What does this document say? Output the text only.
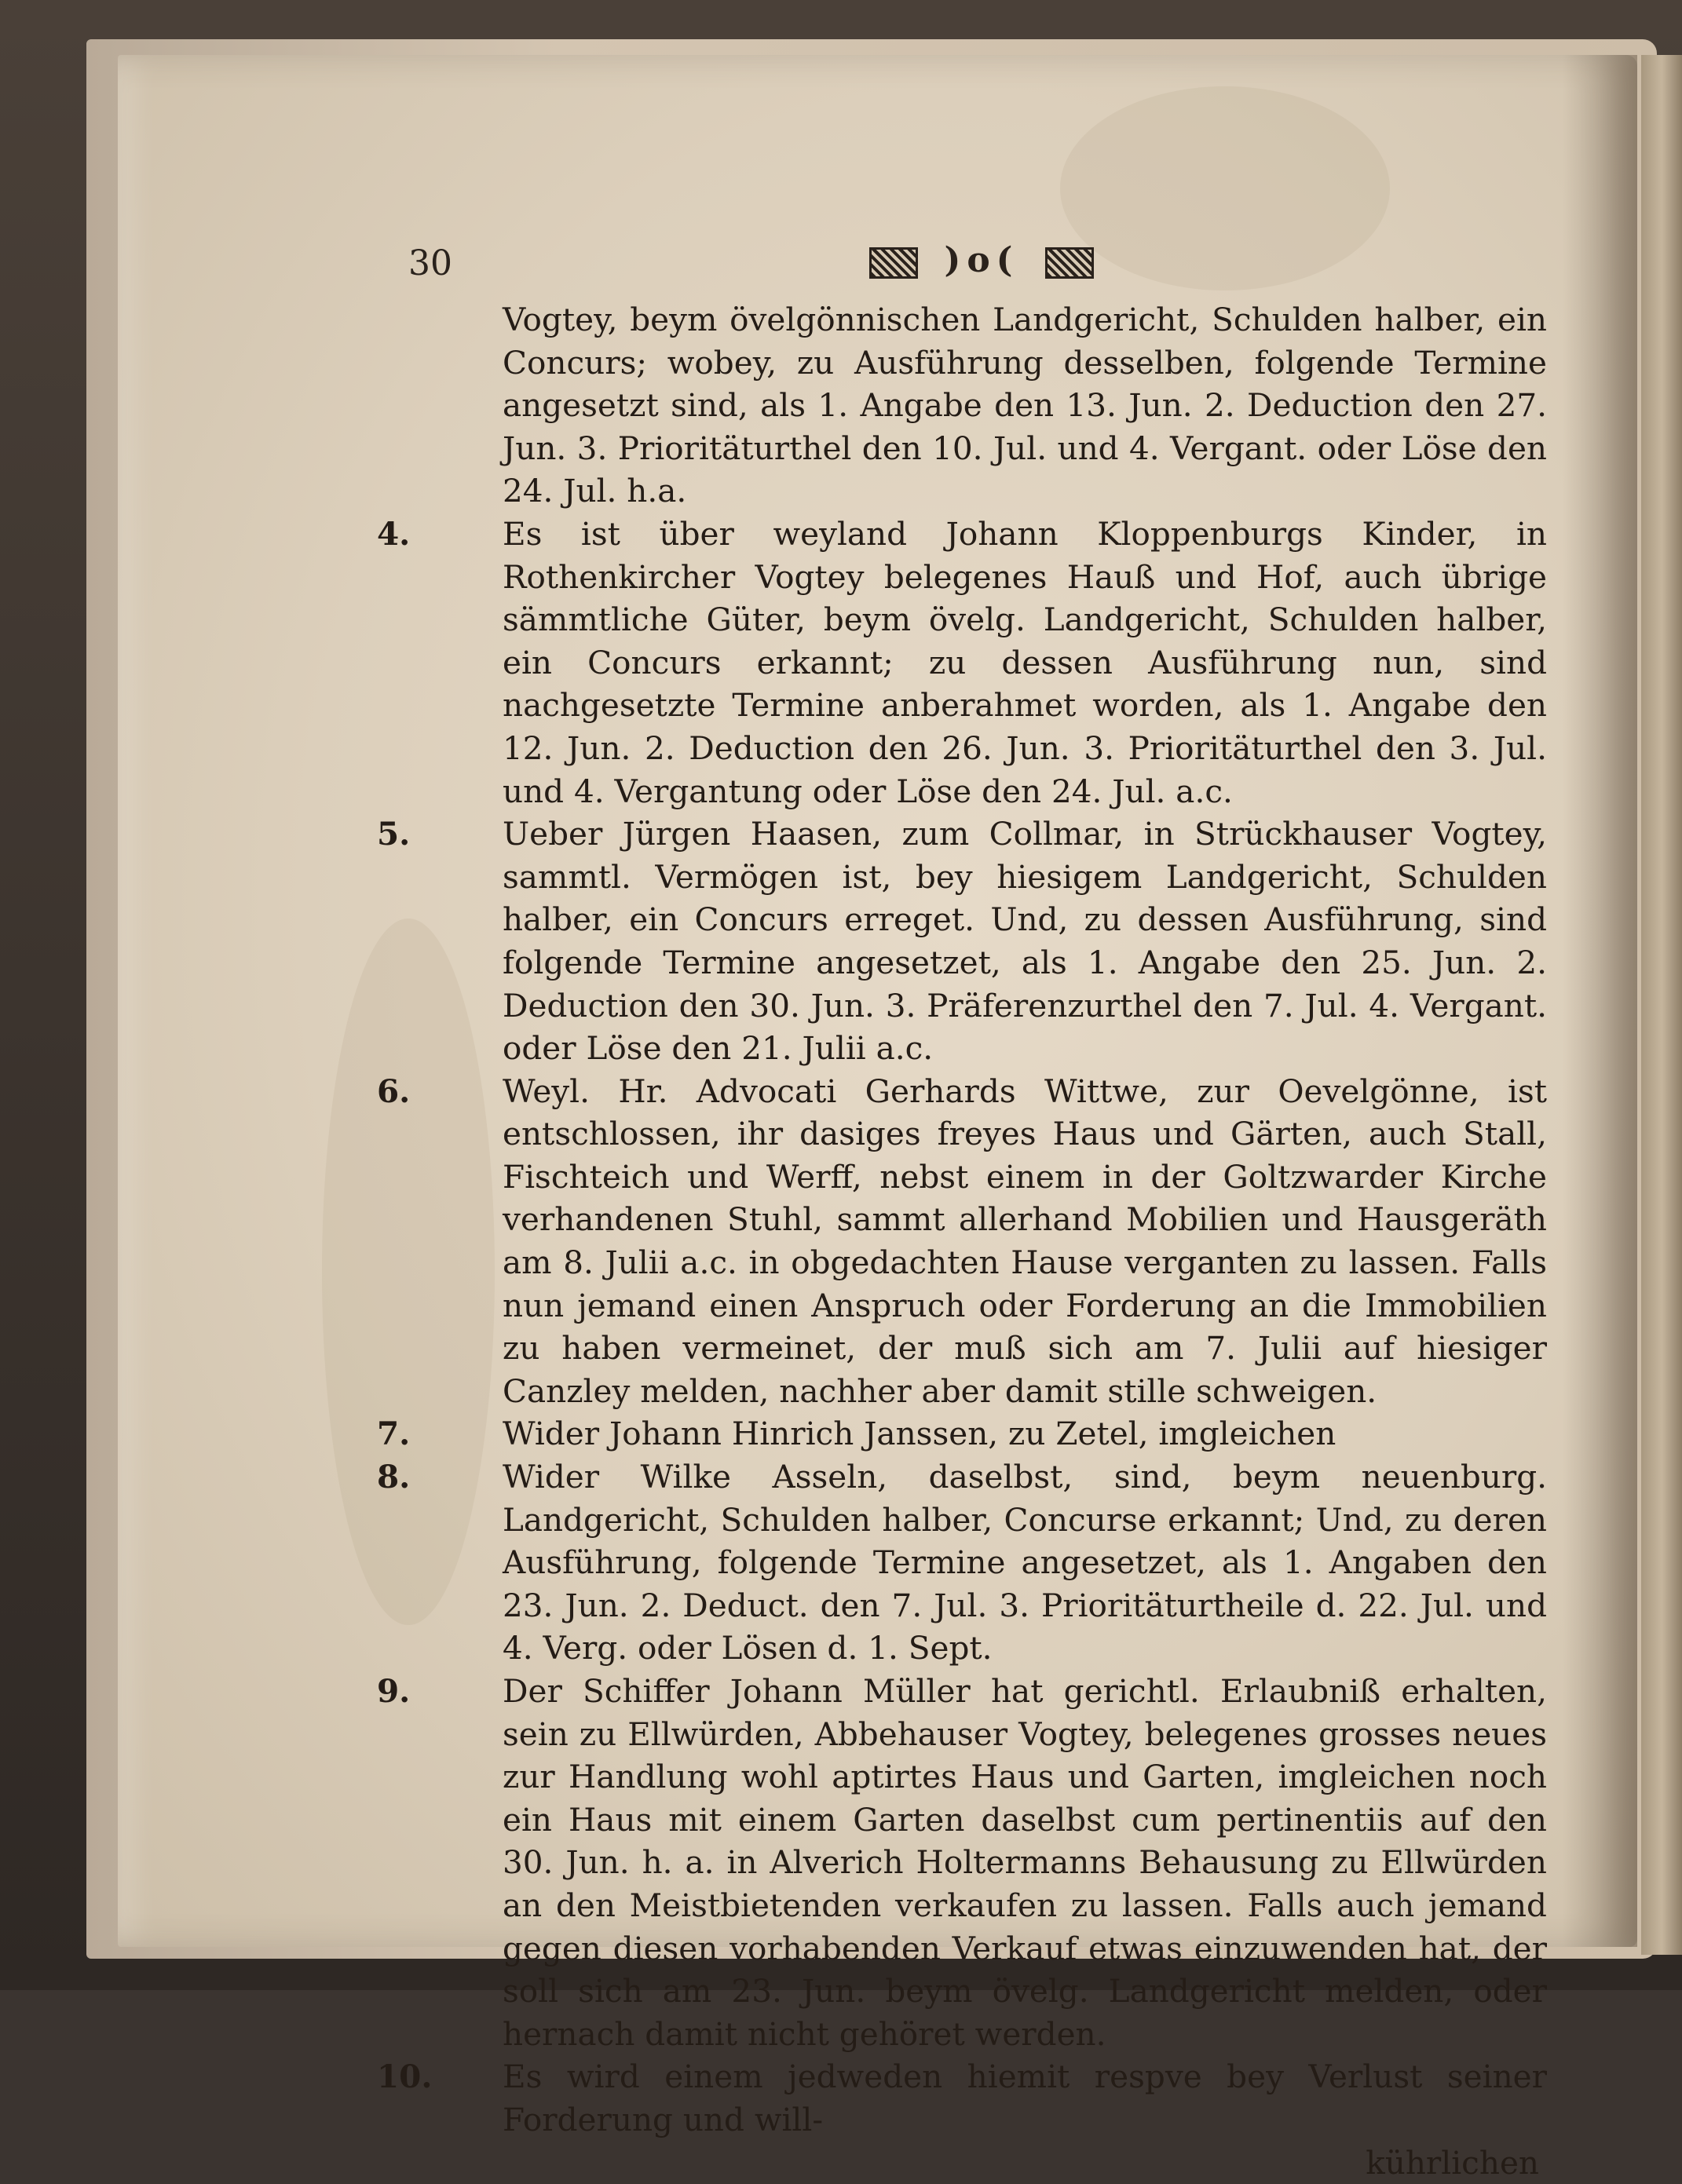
30	)o(
Vogtey, beym övelgönnischen Landgericht, Schulden halber, ein Concurs; wobey, zu Ausführung desselben, folgende Termine angesetzt sind, als 1. Angabe den 13. Jun. 2. Deduction den 27. Jun. 3. Prioritäturthel den 10. Jul. und 4. Vergant. oder Löse den 24. Jul. h.a.
4.	Es ist über weyland Johann Kloppenburgs Kinder, in Rothenkircher Vogtey belegenes Hauß und Hof, auch übrige sämmtliche Güter, beym övelg. Landgericht, Schulden halber, ein Concurs erkannt; zu dessen Ausführung nun, sind nachgesetzte Termine anberahmet worden, als 1. Angabe den 12. Jun. 2. Deduction den 26. Jun. 3. Prioritäturthel den 3. Jul. und 4. Vergantung oder Löse den 24. Jul. a.c.
5.	Ueber Jürgen Haasen, zum Collmar, in Strückhauser Vogtey, sammtl. Vermögen ist, bey hiesigem Landgericht, Schulden halber, ein Concurs erreget. Und, zu dessen Ausführung, sind folgende Termine angesetzet, als 1. Angabe den 25. Jun. 2. Deduction den 30. Jun. 3. Präferenzurthel den 7. Jul. 4. Vergant. oder Löse den 21. Julii a.c.
6.	Weyl. Hr. Advocati Gerhards Wittwe, zur Oevelgönne, ist entschlossen, ihr dasiges freyes Haus und Gärten, auch Stall, Fischteich und Werff, nebst einem in der Goltzwarder Kirche verhandenen Stuhl, sammt allerhand Mobilien und Hausgeräth am 8. Julii a.c. in obgedachten Hause verganten zu lassen. Falls nun jemand einen Anspruch oder Forderung an die Immobilien zu haben vermeinet, der muß sich am 7. Julii auf hiesiger Canzley melden, nachher aber damit stille schweigen.
7.	Wider Johann Hinrich Janssen, zu Zetel, imgleichen
8.	Wider Wilke Asseln, daselbst, sind, beym neuenburg. Landgericht, Schulden halber, Concurse erkannt; Und, zu deren Ausführung, folgende Termine angesetzet, als 1. Angaben den 23. Jun. 2. Deduct. den 7. Jul. 3. Prioritäturtheile d. 22. Jul. und 4. Verg. oder Lösen d. 1. Sept.
9.	Der Schiffer Johann Müller hat gerichtl. Erlaubniß erhalten, sein zu Ellwürden, Abbehauser Vogtey, belegenes grosses neues zur Handlung wohl aptirtes Haus und Garten, imgleichen noch ein Haus mit einem Garten daselbst cum pertinentiis auf den 30. Jun. h. a. in Alverich Holtermanns Behausung zu Ellwürden an den Meistbietenden verkaufen zu lassen. Falls auch jemand gegen diesen vorhabenden Verkauf etwas einzuwenden hat, der soll sich am 23. Jun. beym övelg. Landgericht melden, oder hernach damit nicht gehöret werden.
10.	Es wird einem jedweden hiemit respve bey Verlust seiner Forderung und will-
kührlichen
